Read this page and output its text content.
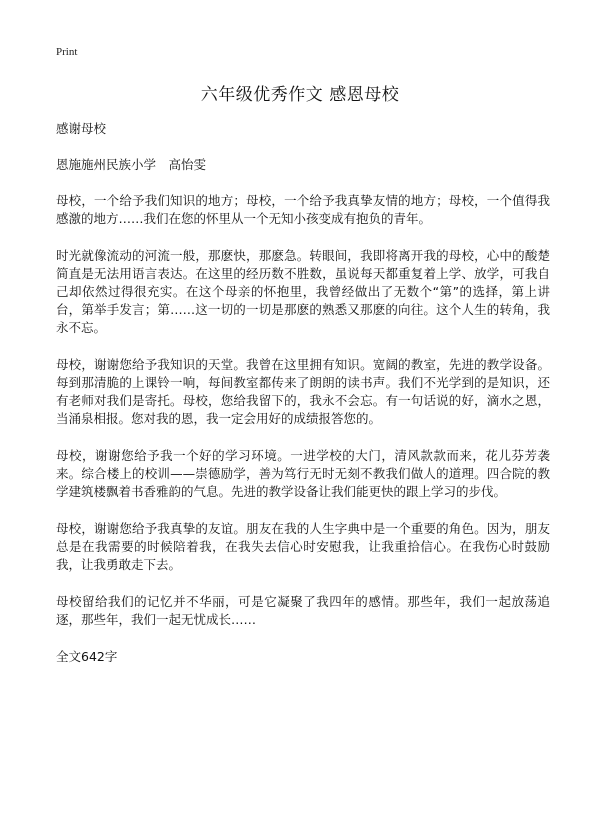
Print
六年级优秀作文 感恩母校

感谢母校

恩施施州民族小学　高怡雯

母校，一个给予我们知识的地方；母校，一个给予我真挚友情的地方；母校，一个值得我感激的地方……我们在您的怀里从一个无知小孩变成有抱负的青年。

时光就像流动的河流一般，那麽快，那麽急。转眼间，我即将离开我的母校，心中的酸楚简直是无法用语言表达。在这里的经历数不胜数，虽说每天都重复着上学、放学，可我自己却依然过得很充实。在这个母亲的怀抱里，我曾经做出了无数个“第”的选择，第上讲台，第举手发言；第……这一切的一切是那麽的熟悉又那麽的向往。这个人生的转角，我永不忘。

母校，谢谢您给予我知识的天堂。我曾在这里拥有知识。宽阔的教室，先进的教学设备。每到那清脆的上课铃一响，每间教室都传来了朗朗的读书声。我们不光学到的是知识，还有老师对我们是寄托。母校，您给我留下的，我永不会忘。有一句话说的好，滴水之恩，当涌泉相报。您对我的恩，我一定会用好的成绩报答您的。

母校，谢谢您给予我一个好的学习环境。一进学校的大门，清风款款而来，花儿芬芳袭来。综合楼上的校训——崇德励学，善为笃行无时无刻不教我们做人的道理。四合院的教学建筑楼飘着书香雅韵的气息。先进的教学设备让我们能更快的跟上学习的步伐。

母校，谢谢您给予我真挚的友谊。朋友在我的人生字典中是一个重要的角色。因为，朋友总是在我需要的时候陪着我，在我失去信心时安慰我，让我重拾信心。在我伤心时鼓励我，让我勇敢走下去。

母校留给我们的记忆并不华丽，可是它凝聚了我四年的感情。那些年，我们一起放荡追逐，那些年，我们一起无忧成长……

全文642字
